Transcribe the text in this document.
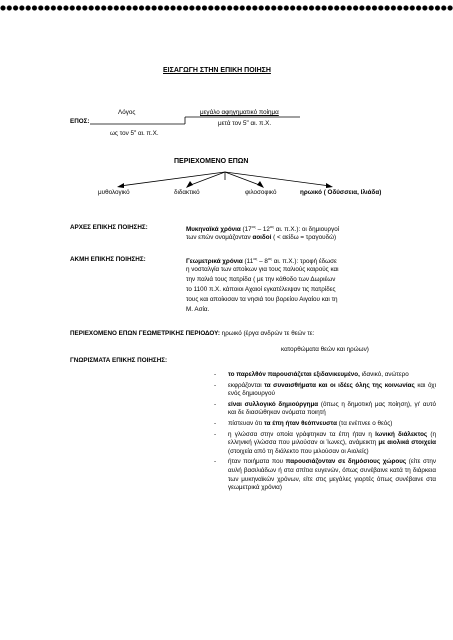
ΕΙΣΑΓΩΓΗ ΣΤΗΝ ΕΠΙΚΗ ΠΟΙΗΣΗ
Λόγος
ΕΠΟΣ:
ως τον $5^o$ αι. π.Χ.
μεγάλο αφηγηματικό ποίημα
μετά τον $5^o$ αι. π.Χ.
ΠΕΡΙΕΧΟΜΕΝΟ ΕΠΩΝ
μυθολογικό	διδακτικό	φιλοσοφικό	ηρωικό ( Οδύσσεια, Ιλιάδα)
ΑΡΧΕΣ ΕΠΙΚΗΣ ΠΟΙΗΣΗΣ:	Μυκηναϊκά χρόνια ($17^{o\varsigma} - 12^{o\varsigma}$ αι. π.Χ.): οι δημιουργοί
των επών ονομάζονταν αοιδοί ( < αείδω = τραγουδώ)
ΑΚΜΗ ΕΠΙΚΗΣ ΠΟΙΗΣΗΣ:	Γεωμετρικά χρόνια ($11^{o\varsigma} - 8^{o\varsigma}$ αι. π.Χ.): τροφή έδωσε
η νοσταλγία των αποίκων για τους παλιούς καιρούς και
την παλιά τους πατρίδα ( με την κάθοδο των Δωριέων
το 1100 π.Χ. κάποιοι Αχαιοί εγκατέλειψαν τις πατρίδες
τους και αποίκισαν τα νησιά του βορείου Αιγαίου και τη
Μ. Ασία.
ΠΕΡΙΕΧΟΜΕΝΟ ΕΠΩΝ ΓΕΩΜΕΤΡΙΚΗΣ ΠΕΡΙΟΔΟΥ: ηρωικό (έργα ανδρών τε θεών τε:
κατορθώματα θεών και ηρώων)
ΓΝΩΡΙΣΜΑΤΑ ΕΠΙΚΗΣ ΠΟΙΗΣΗΣ:
- το παρελθόν παρουσιάζεται εξιδανικευμένο, ιδανικό, ανώτερο
- εκφράζονται τα συναισθήματα και οι ιδέες όλης της κοινωνίας και όχι ενός δημιουργού
- είναι συλλογικό δημιούργημα (όπως η δημοτική μας ποίηση), γι' αυτό και δε διασώθηκαν ονόματα ποιητή
- πίστευαν ότι τα έπη ήταν θεόπνευστα (τα ενέπνεε ο θεός)
- η γλώσσα στην οποία γράφτηκαν τα έπη ήταν η Ιωνική διάλεκτος (η ελληνική γλώσσα που μιλούσαν οι Ίωνες), ανάμεικτη με αιολικά στοιχεία (στοιχεία από τη διάλεκτο που μιλούσαν οι Αιολείς)
- ήταν ποιήματα που παρουσιάζονταν σε δημόσιους χώρους (είτε στην αυλή βασιλιάδων ή στα σπίτια ευγενών, όπως συνέβαινε κατά τη διάρκεια των μυκηναϊκών χρόνων, είτε στις μεγάλες γιορτές όπως συνέβαινε στα γεωμετρικά χρόνια)
